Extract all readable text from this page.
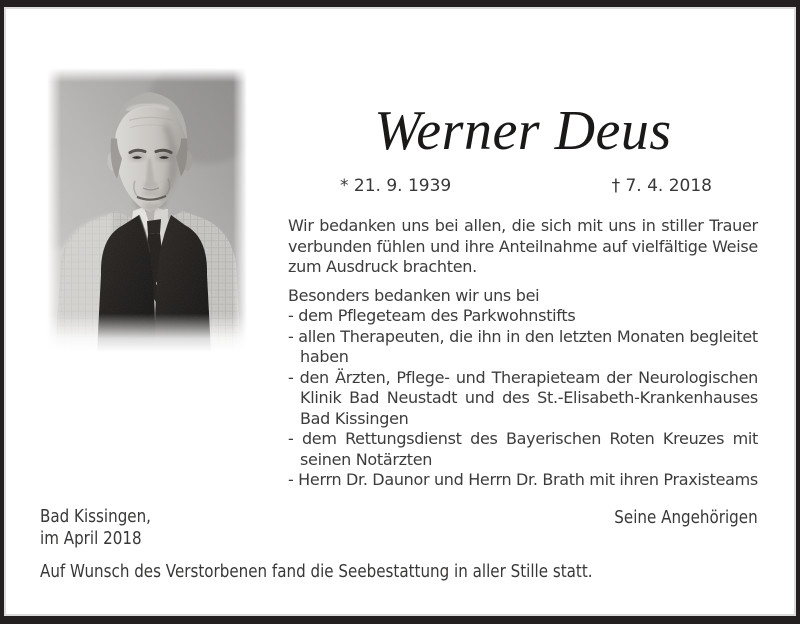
Werner Deus
* 21. 9. 1939	† 7. 4. 2018
Wir bedanken uns bei allen, die sich mit uns in stiller Trauer
verbunden fühlen und ihre Anteilnahme auf vielfältige Weise
zum Ausdruck brachten.
Besonders bedanken wir uns bei
- dem Pflegeteam des Parkwohnstifts
- allen Therapeuten, die ihn in den letzten Monaten begleitet
haben
- den Ärzten, Pflege- und Therapieteam der Neurologischen
Klinik Bad Neustadt und des St.-Elisabeth-Krankenhauses
Bad Kissingen
- dem Rettungsdienst des Bayerischen Roten Kreuzes mit
seinen Notärzten
- Herrn Dr. Daunor und Herrn Dr. Brath mit ihren Praxisteams
Bad Kissingen,
im April 2018
Seine Angehörigen
Auf Wunsch des Verstorbenen fand die Seebestattung in aller Stille statt.
